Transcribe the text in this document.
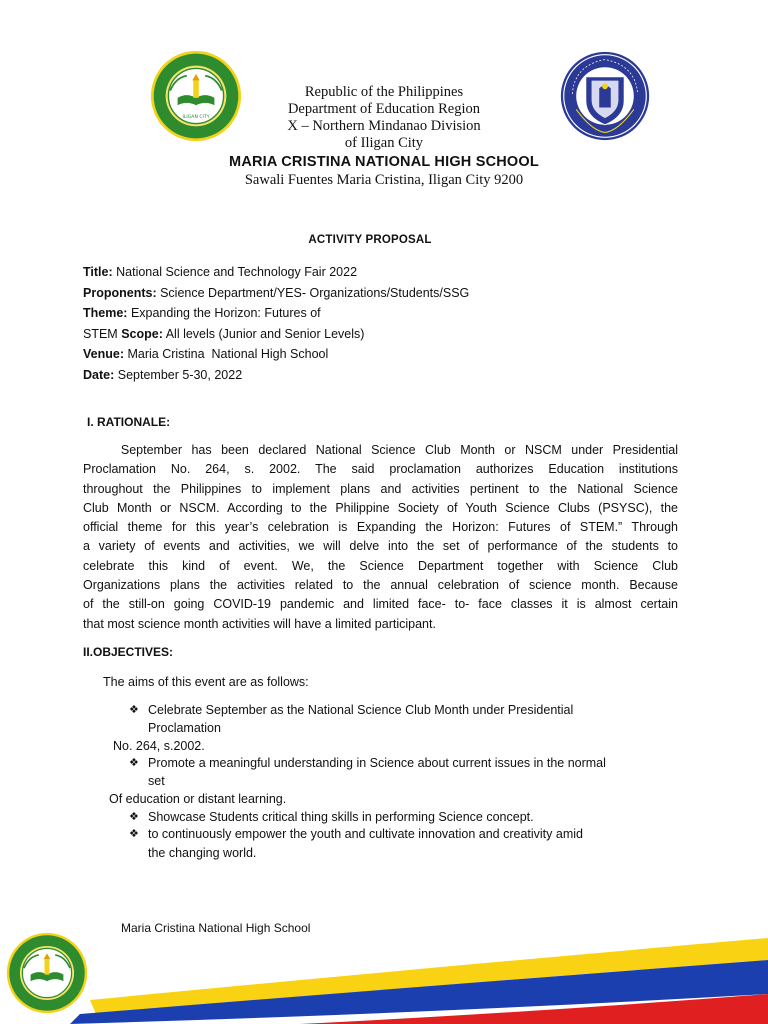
ILIGAN CITY
Republic of the Philippines
Department of Education Region
X – Northern Mindanao Division
of Iligan City
MARIA CRISTINA NATIONAL HIGH SCHOOL
Sawali Fuentes Maria Cristina, Iligan City 9200
ACTIVITY PROPOSAL
Title: National Science and Technology Fair 2022
Proponents: Science Department/YES- Organizations/Students/SSG
Theme: Expanding the Horizon: Futures of
STEM Scope: All levels (Junior and Senior Levels)
Venue: Maria Cristina  National High School
Date: September 5-30, 2022
I. RATIONALE:
September has been declared National Science Club Month or NSCM under Presidential
Proclamation No. 264, s. 2002. The said proclamation authorizes Education institutions
throughout the Philippines to implement plans and activities pertinent to the National Science
Club Month or NSCM. According to the Philippine Society of Youth Science Clubs (PSYSC), the
official theme for this year’s celebration is Expanding the Horizon: Futures of STEM.” Through
a variety of events and activities, we will delve into the set of performance of the students to
celebrate this kind of event. We, the Science Department together with Science Club
Organizations plans the activities related to the annual celebration of science month. Because
of the still-on going COVID-19 pandemic and limited face- to- face classes it is almost certain
that most science month activities will have a limited participant.
II.OBJECTIVES:
The aims of this event are as follows:
❖
Celebrate September as the National Science Club Month under Presidential
Proclamation
No. 264, s.2002.
❖
Promote a meaningful understanding in Science about current issues in the normal
set
Of education or distant learning.
❖
Showcase Students critical thing skills in performing Science concept.
❖
to continuously empower the youth and cultivate innovation and creativity amid
the changing world.
Maria Cristina National High School
